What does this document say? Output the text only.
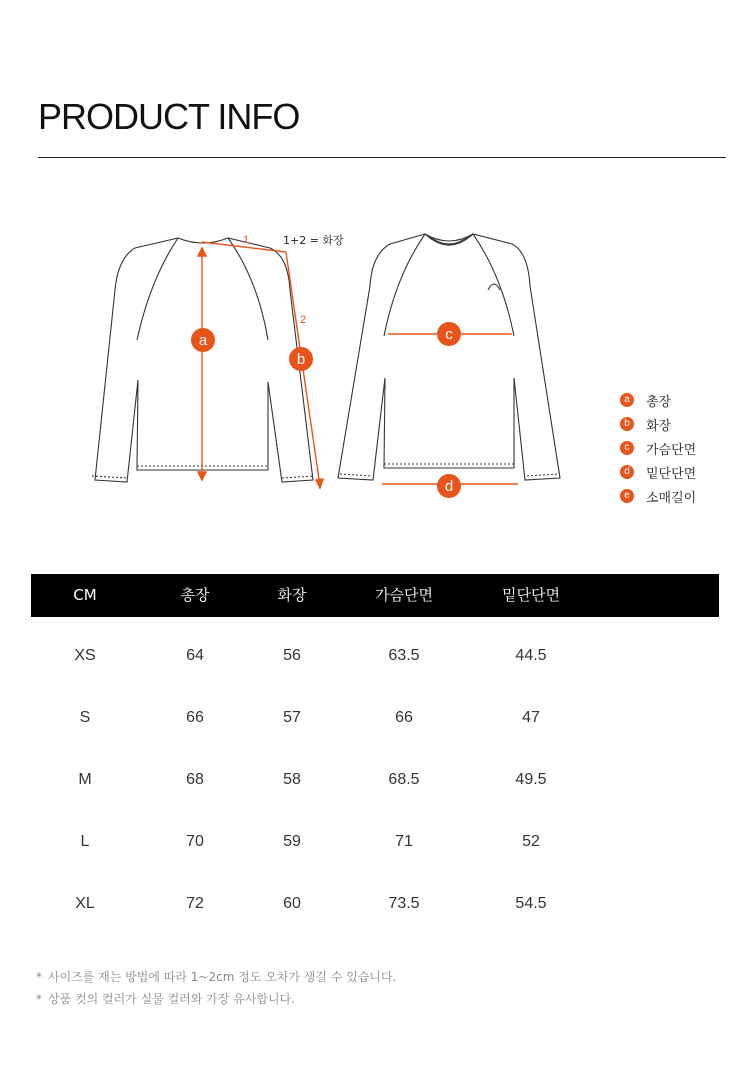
PRODUCT INFO
1
2
1+2 = 화장
a
b
c
d
a	총장
b	화장
c	가슴단면
d	밑단단면
e	소매길이
CM	총장	화장	가슴단면	밑단단면
XS	64	56	63.5	44.5
S	66	57	66	47
M	68	58	68.5	49.5
L	70	59	71	52
XL	72	60	73.5	54.5
* 사이즈를 재는 방법에 따라 1~2cm 정도 오차가 생길 수 있습니다.
* 상품 컷의 컬러가 실물 컬러와 가장 유사합니다.
